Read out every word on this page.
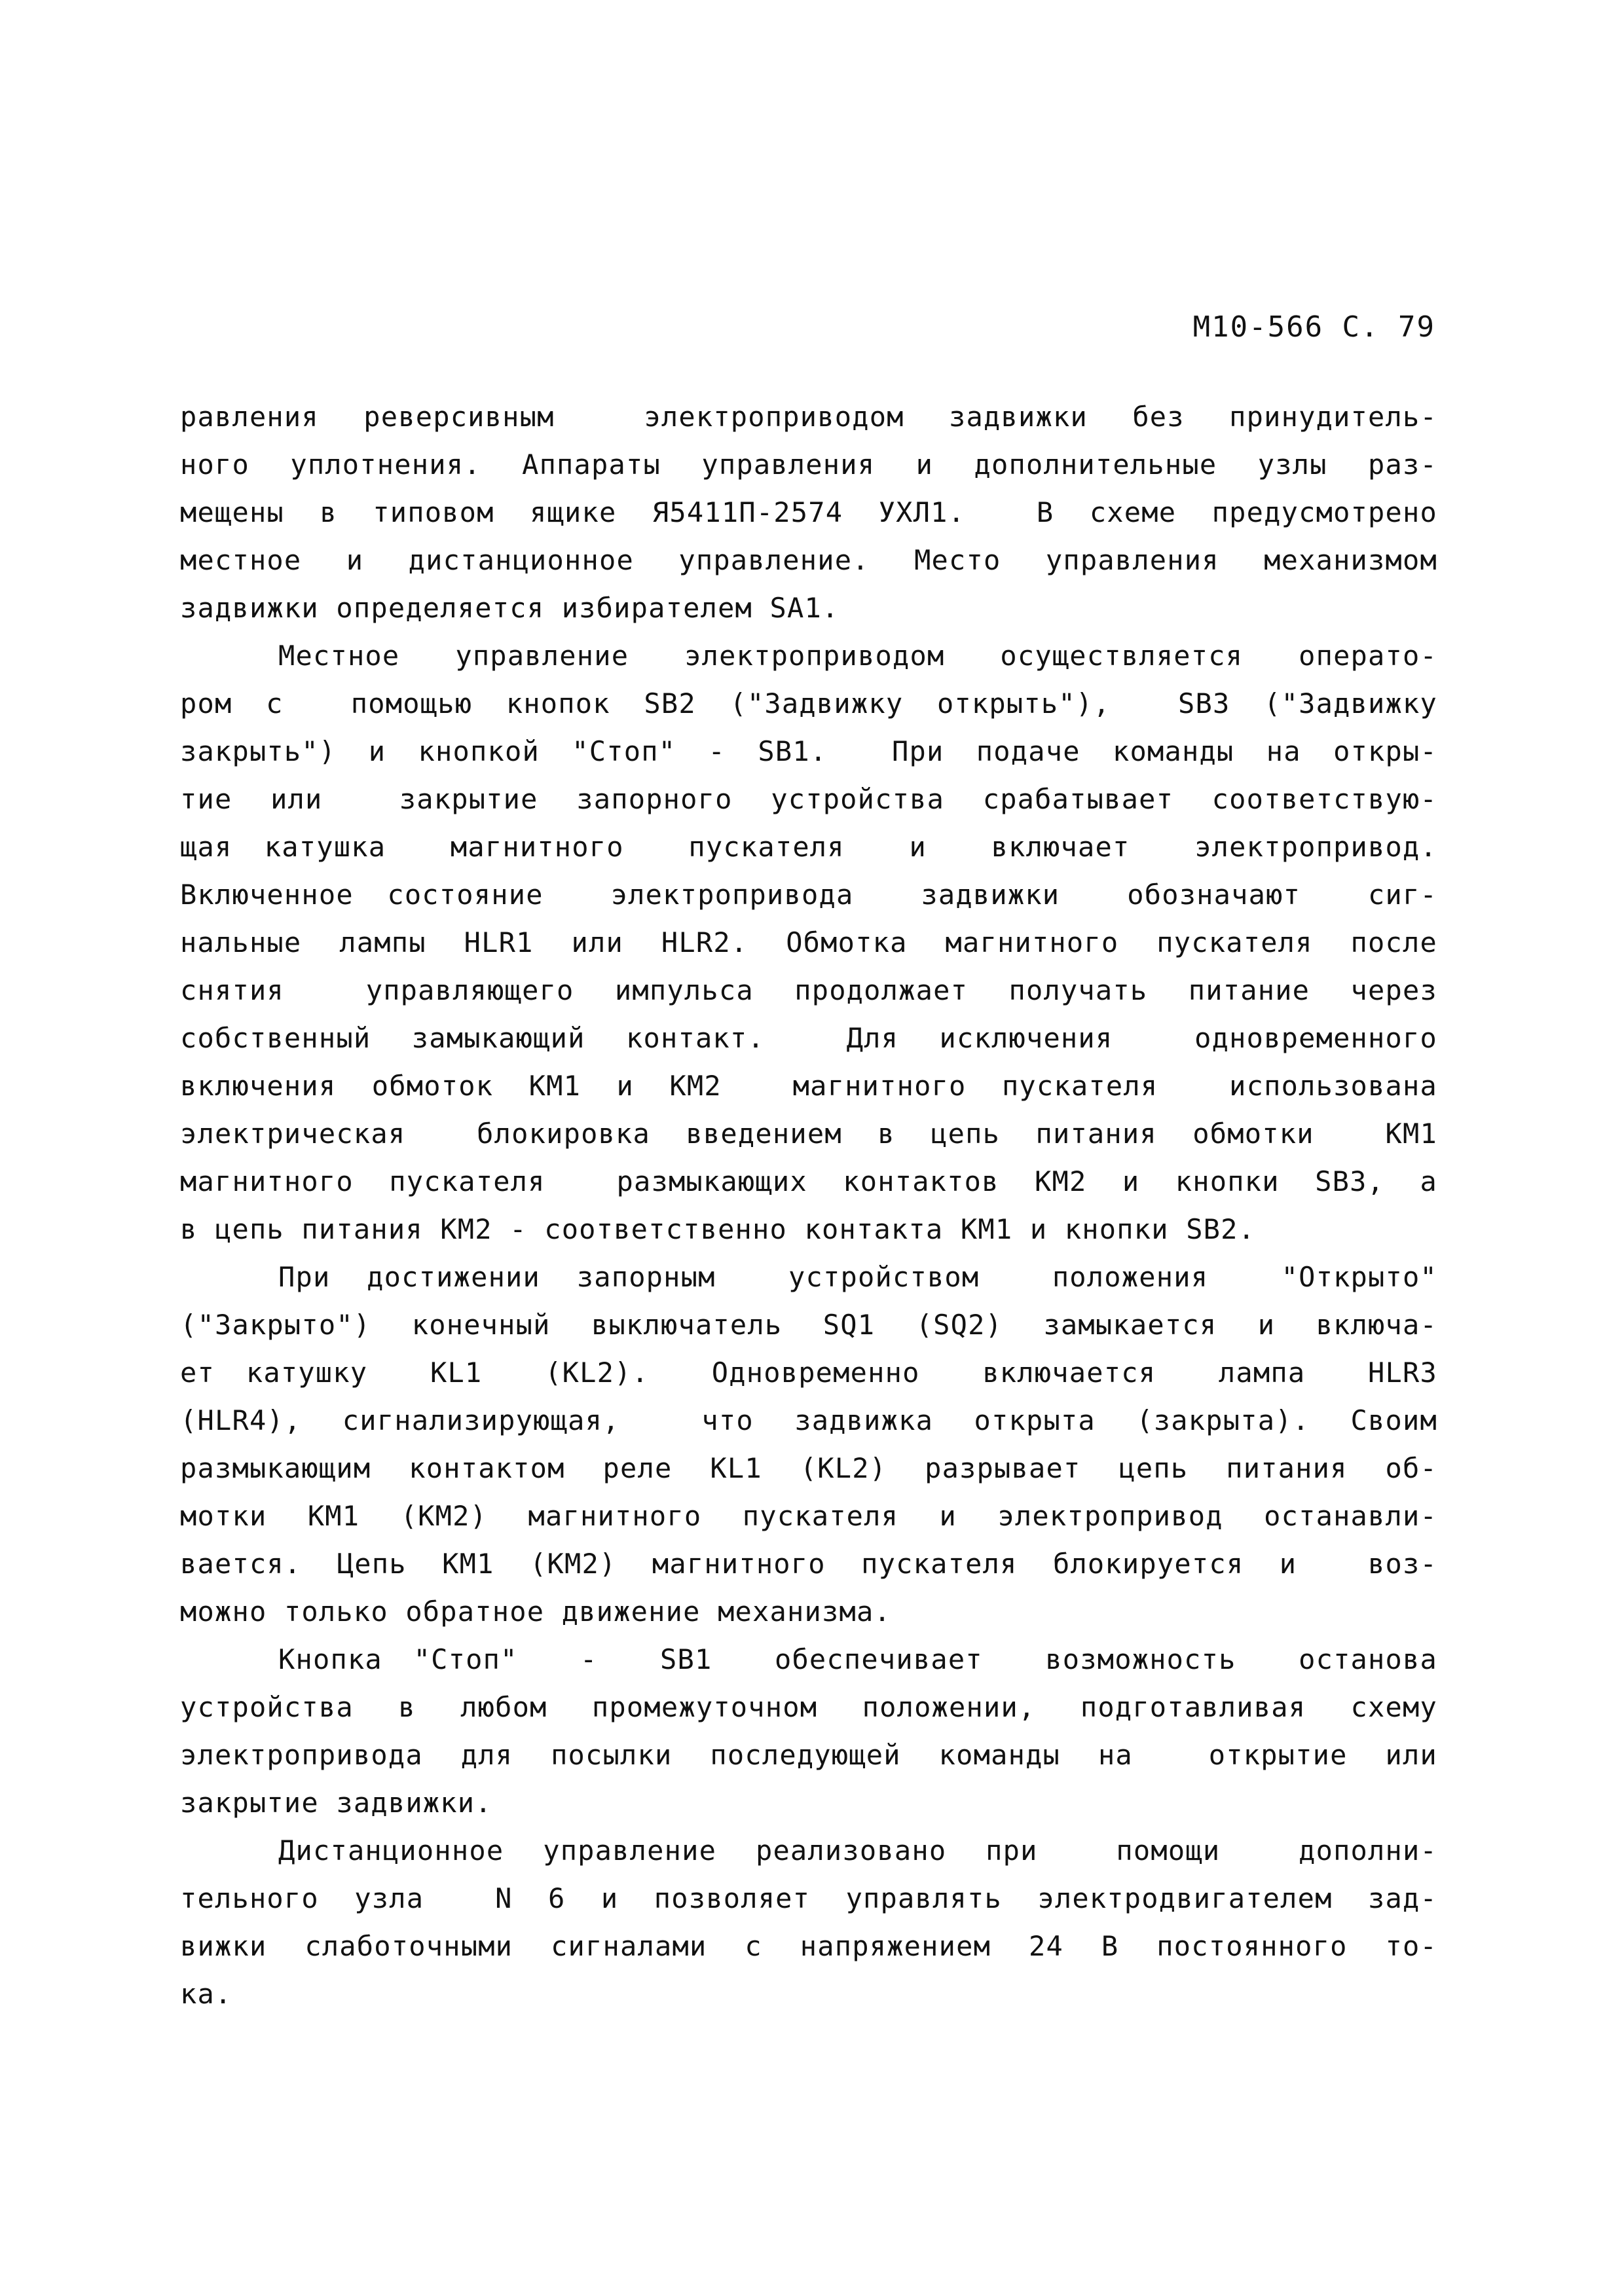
М10-566 С. 79
равления реверсивным  электроприводом задвижки без принудитель-
ного уплотнения. Аппараты управления и дополнительные узлы раз-
мещены в типовом ящике Я5411П-2574 УХЛ1.  В схеме предусмотрено
местное и дистанционное управление. Место управления механизмом
задвижки определяется избирателем SA1.
Местное управление электроприводом осуществляется операто-
ром с  помощью кнопок SB2 ("Задвижку открыть"),  SB3 ("Задвижку
закрыть") и кнопкой "Стоп" - SB1.  При подаче команды на откры-
тие или  закрытие запорного устройства срабатывает соответствую-
щая катушка  магнитного  пускателя  и  включает  электропривод.
Включенное состояние  электропривода  задвижки  обозначают  сиг-
нальные лампы HLR1 или HLR2. Обмотка магнитного пускателя после
снятия  управляющего импульса продолжает получать питание через
собственный замыкающий контакт.  Для исключения  одновременного
включения обмоток КМ1 и КМ2  магнитного пускателя  использована
электрическая  блокировка введением в цепь питания обмотки  КМ1
магнитного пускателя  размыкающих контактов КМ2 и кнопки SB3, а
в цепь питания КМ2 - соответственно контакта КМ1 и кнопки SB2.
При достижении запорным  устройством  положения  "Открыто"
("Закрыто") конечный выключатель SQ1 (SQ2) замыкается и включа-
ет катушку  KL1  (KL2).  Одновременно  включается  лампа  HLR3
(HLR4), сигнализирующая,  что задвижка открыта (закрыта). Своим
размыкающим контактом реле KL1 (KL2) разрывает цепь питания об-
мотки КМ1 (КМ2) магнитного пускателя и электропривод останавли-
вается. Цепь КМ1 (КМ2) магнитного пускателя блокируется и  воз-
можно только обратное движение механизма.
Кнопка "Стоп"  -  SB1  обеспечивает  возможность  останова
устройства в любом промежуточном положении, подготавливая схему
электропривода для посылки последующей команды на  открытие или
закрытие задвижки.
Дистанционное управление реализовано при  помощи  дополни-
тельного узла  N 6 и позволяет управлять электродвигателем зад-
вижки слаботочными сигналами с напряжением 24 В постоянного то-
ка.
